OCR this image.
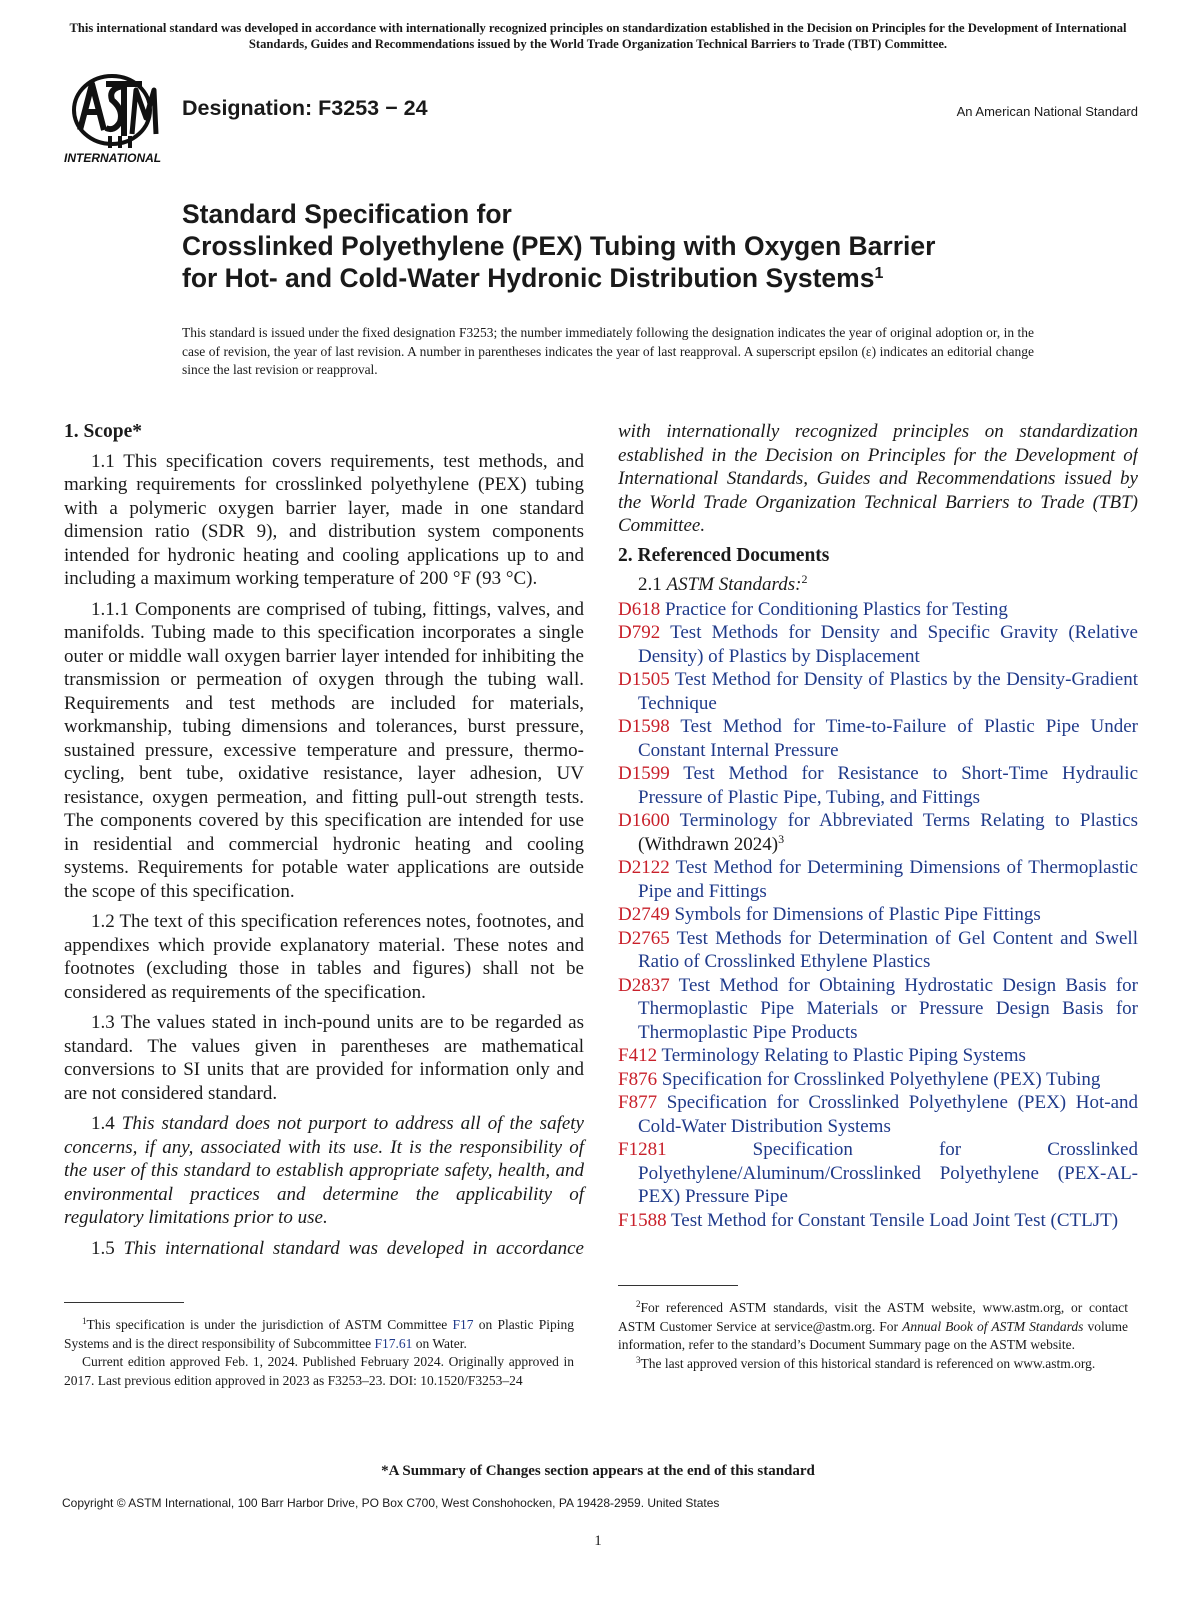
This international standard was developed in accordance with internationally recognized principles on standardization established in the Decision on Principles for the Development of International Standards, Guides and Recommendations issued by the World Trade Organization Technical Barriers to Trade (TBT) Committee.
INTERNATIONAL
Designation: F3253 − 24	An American National Standard
Standard Specification for
Crosslinked Polyethylene (PEX) Tubing with Oxygen Barrier
for Hot- and Cold-Water Hydronic Distribution Systems$^1$
This standard is issued under the fixed designation F3253; the number immediately following the designation indicates the year of original adoption or, in the case of revision, the year of last revision. A number in parentheses indicates the year of last reapproval. A superscript epsilon (ε) indicates an editorial change since the last revision or reapproval.

1. Scope*

1.1 This specification covers requirements, test methods, and marking requirements for crosslinked polyethylene (PEX) tubing with a polymeric oxygen barrier layer, made in one standard dimension ratio (SDR 9), and distribution system components intended for hydronic heating and cooling applications up to and including a maximum working temperature of 200 °F (93 °C).

1.1.1 Components are comprised of tubing, fittings, valves, and manifolds. Tubing made to this specification incorporates a single outer or middle wall oxygen barrier layer intended for inhibiting the transmission or permeation of oxygen through the tubing wall. Requirements and test methods are included for materials, workmanship, tubing dimensions and tolerances, burst pressure, sustained pressure, excessive temperature and pressure, thermo-cycling, bent tube, oxidative resistance, layer adhesion, UV resistance, oxygen permeation, and fitting pull-out strength tests. The components covered by this specification are intended for use in residential and commercial hydronic heating and cooling systems. Requirements for potable water applications are outside the scope of this specification.

1.2 The text of this specification references notes, footnotes, and appendixes which provide explanatory material. These notes and footnotes (excluding those in tables and figures) shall not be considered as requirements of the specification.

1.3 The values stated in inch-pound units are to be regarded as standard. The values given in parentheses are mathematical conversions to SI units that are provided for information only and are not considered standard.

1.4 This standard does not purport to address all of the safety concerns, if any, associated with its use. It is the responsibility of the user of this standard to establish appropriate safety, health, and environmental practices and determine the applicability of regulatory limitations prior to use.

1.5 This international standard was developed in accordance

with internationally recognized principles on standardization established in the Decision on Principles for the Development of International Standards, Guides and Recommendations issued by the World Trade Organization Technical Barriers to Trade (TBT) Committee.

2. Referenced Documents

2.1 ASTM Standards:$^2$

D618 Practice for Conditioning Plastics for Testing

D792 Test Methods for Density and Specific Gravity (Relative Density) of Plastics by Displacement

D1505 Test Method for Density of Plastics by the Density-Gradient Technique

D1598 Test Method for Time-to-Failure of Plastic Pipe Under Constant Internal Pressure

D1599 Test Method for Resistance to Short-Time Hydraulic Pressure of Plastic Pipe, Tubing, and Fittings

D1600 Terminology for Abbreviated Terms Relating to Plastics (Withdrawn 2024)$^3$

D2122 Test Method for Determining Dimensions of Thermoplastic Pipe and Fittings

D2749 Symbols for Dimensions of Plastic Pipe Fittings

D2765 Test Methods for Determination of Gel Content and Swell Ratio of Crosslinked Ethylene Plastics

D2837 Test Method for Obtaining Hydrostatic Design Basis for Thermoplastic Pipe Materials or Pressure Design Basis for Thermoplastic Pipe Products

F412 Terminology Relating to Plastic Piping Systems

F876 Specification for Crosslinked Polyethylene (PEX) Tubing

F877 Specification for Crosslinked Polyethylene (PEX) Hot-and Cold-Water Distribution Systems

F1281	Specification for Crosslinked Polyethylene/Aluminum/Crosslinked Polyethylene (PEX-AL-PEX) Pressure Pipe

F1588 Test Method for Constant Tensile Load Joint Test (CTLJT)

$^1$This specification is under the jurisdiction of ASTM Committee F17 on Plastic Piping Systems and is the direct responsibility of Subcommittee F17.61 on Water.

Current edition approved Feb. 1, 2024. Published February 2024. Originally approved in 2017. Last previous edition approved in 2023 as F3253–23. DOI: 10.1520/F3253–24

$^2$For referenced ASTM standards, visit the ASTM website, www.astm.org, or contact ASTM Customer Service at service@astm.org. For Annual Book of ASTM Standards volume information, refer to the standard’s Document Summary page on the ASTM website.

$^3$The last approved version of this historical standard is referenced on www.astm.org.

*A Summary of Changes section appears at the end of this standard
Copyright © ASTM International, 100 Barr Harbor Drive, PO Box C700, West Conshohocken, PA 19428-2959. United States
1
